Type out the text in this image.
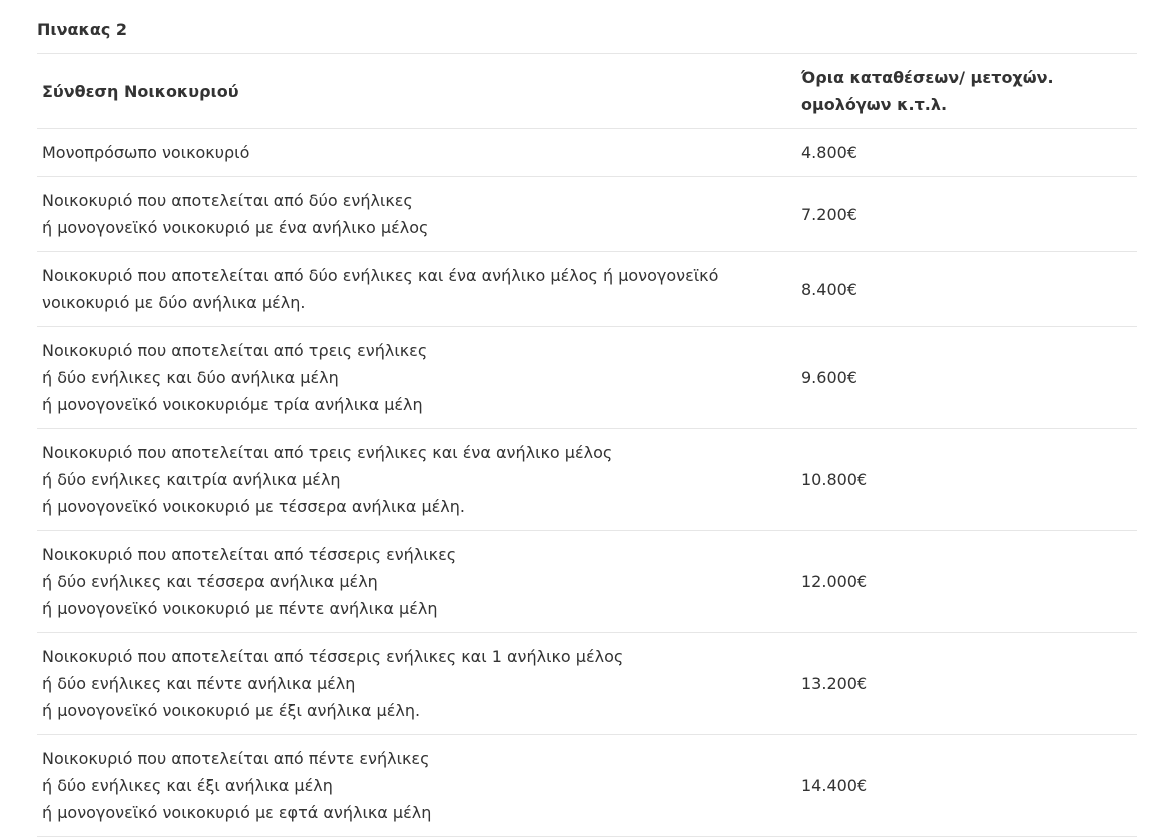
Πινακας 2
Σύνθεση Νοικοκυριού	Όρια καταθέσεων/ μετοχών.
ομολόγων κ.τ.λ.
Μονοπρόσωπο νοικοκυριό	4.800€
Νοικοκυριό που αποτελείται από δύο ενήλικες
ή μονογονεϊκό νοικοκυριό με ένα ανήλικο μέλος	7.200€
Νοικοκυριό που αποτελείται από δύο ενήλικες και ένα ανήλικο μέλος ή μονογονεϊκό
νοικοκυριό με δύο ανήλικα μέλη.	8.400€
Νοικοκυριό που αποτελείται από τρεις ενήλικες
ή δύο ενήλικες και δύο ανήλικα μέλη
ή μονογονεϊκό νοικοκυριόμε τρία ανήλικα μέλη	9.600€
Νοικοκυριό που αποτελείται από τρεις ενήλικες και ένα ανήλικο μέλος
ή δύο ενήλικες καιτρία ανήλικα μέλη
ή μονογονεϊκό νοικοκυριό με τέσσερα ανήλικα μέλη.	10.800€
Νοικοκυριό που αποτελείται από τέσσερις ενήλικες
ή δύο ενήλικες και τέσσερα ανήλικα μέλη
ή μονογονεϊκό νοικοκυριό με πέντε ανήλικα μέλη	12.000€
Νοικοκυριό που αποτελείται από τέσσερις ενήλικες και 1 ανήλικο μέλος
ή δύο ενήλικες και πέντε ανήλικα μέλη
ή μονογονεϊκό νοικοκυριό με έξι ανήλικα μέλη.	13.200€
Νοικοκυριό που αποτελείται από πέντε ενήλικες
ή δύο ενήλικες και έξι ανήλικα μέλη
ή μονογονεϊκό νοικοκυριό με εφτά ανήλικα μέλη	14.400€
